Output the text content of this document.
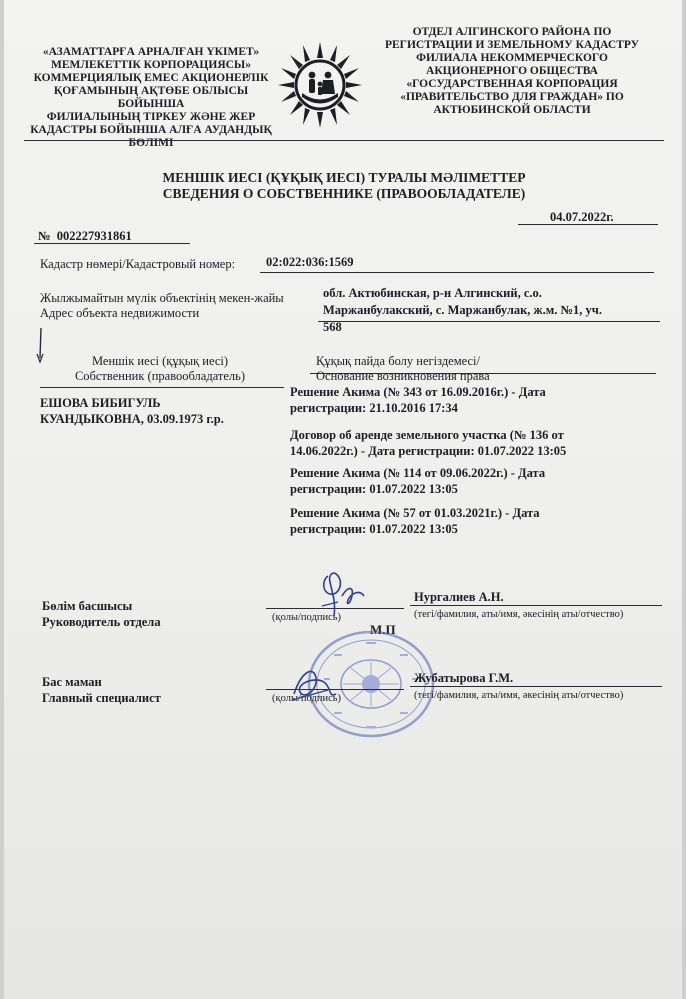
«АЗАМАТТАРҒА АРНАЛҒАН ҮКІМЕТ»
МЕМЛЕКЕТТІК КОРПОРАЦИЯСЫ»
КОММЕРЦИЯЛЫҚ ЕМЕС АКЦИОНЕРЛІК
ҚОҒАМЫНЫҢ АҚТӨБЕ ОБЛЫСЫ БОЙЫНША
ФИЛИАЛЫНЫҢ ТІРКЕУ ЖӘНЕ ЖЕР
КАДАСТРЫ БОЙЫНША АЛҒА АУДАНДЫҚ
БӨЛІМІ
ОТДЕЛ АЛГИНСКОГО РАЙОНА ПО
РЕГИСТРАЦИИ И ЗЕМЕЛЬНОМУ КАДАСТРУ
ФИЛИАЛА НЕКОММЕРЧЕСКОГО
АКЦИОНЕРНОГО ОБЩЕСТВА
«ГОСУДАРСТВЕННАЯ КОРПОРАЦИЯ
«ПРАВИТЕЛЬСТВО ДЛЯ ГРАЖДАН» ПО
АКТЮБИНСКОЙ ОБЛАСТИ
МЕНШІК ИЕСІ (ҚҰҚЫҚ ИЕСІ) ТУРАЛЫ МӘЛІМЕТТЕР
СВЕДЕНИЯ О СОБСТВЕННИКЕ (ПРАВООБЛАДАТЕЛЕ)
04.07.2022г.
№  002227931861
Кадастр нөмері/Кадастровый номер: 02:022:036:1569
Жылжымайтын мүлік объектінің мекен-жайы
Адрес объекта недвижимости
обл. Актюбинская, р-н Алгинский, с.о.
Маржанбулакский, с. Маржанбулак, ж.м. №1, уч.
568
Меншік иесі (құқық иесі)
Собственник (правообладатель)
Құқық пайда болу негіздемесі/
Основание возникновения права
ЕШОВА БИБИГУЛЬ
КУАНДЫКОВНА, 03.09.1973 г.р.
Решение Акима (№ 343 от 16.09.2016г.) - Дата
регистрации: 21.10.2016 17:34
Договор об аренде земельного участка (№ 136 от
14.06.2022г.) - Дата регистрации: 01.07.2022 13:05
Решение Акима (№ 114 от 09.06.2022г.) - Дата
регистрации: 01.07.2022 13:05
Решение Акима (№ 57 от 01.03.2021г.) - Дата
регистрации: 01.07.2022 13:05
Бөлім басшысы
Руководитель отдела	(қолы/подпись)
Нургалиев А.Н.
(тегі/фамилия, аты/имя, әкесінің аты/отчество)
М.П
Бас маман
Главный специалист	(қолы/подпись)
Жубатырова Г.М.
(тегі/фамилия, аты/имя, әкесінің аты/отчество)
